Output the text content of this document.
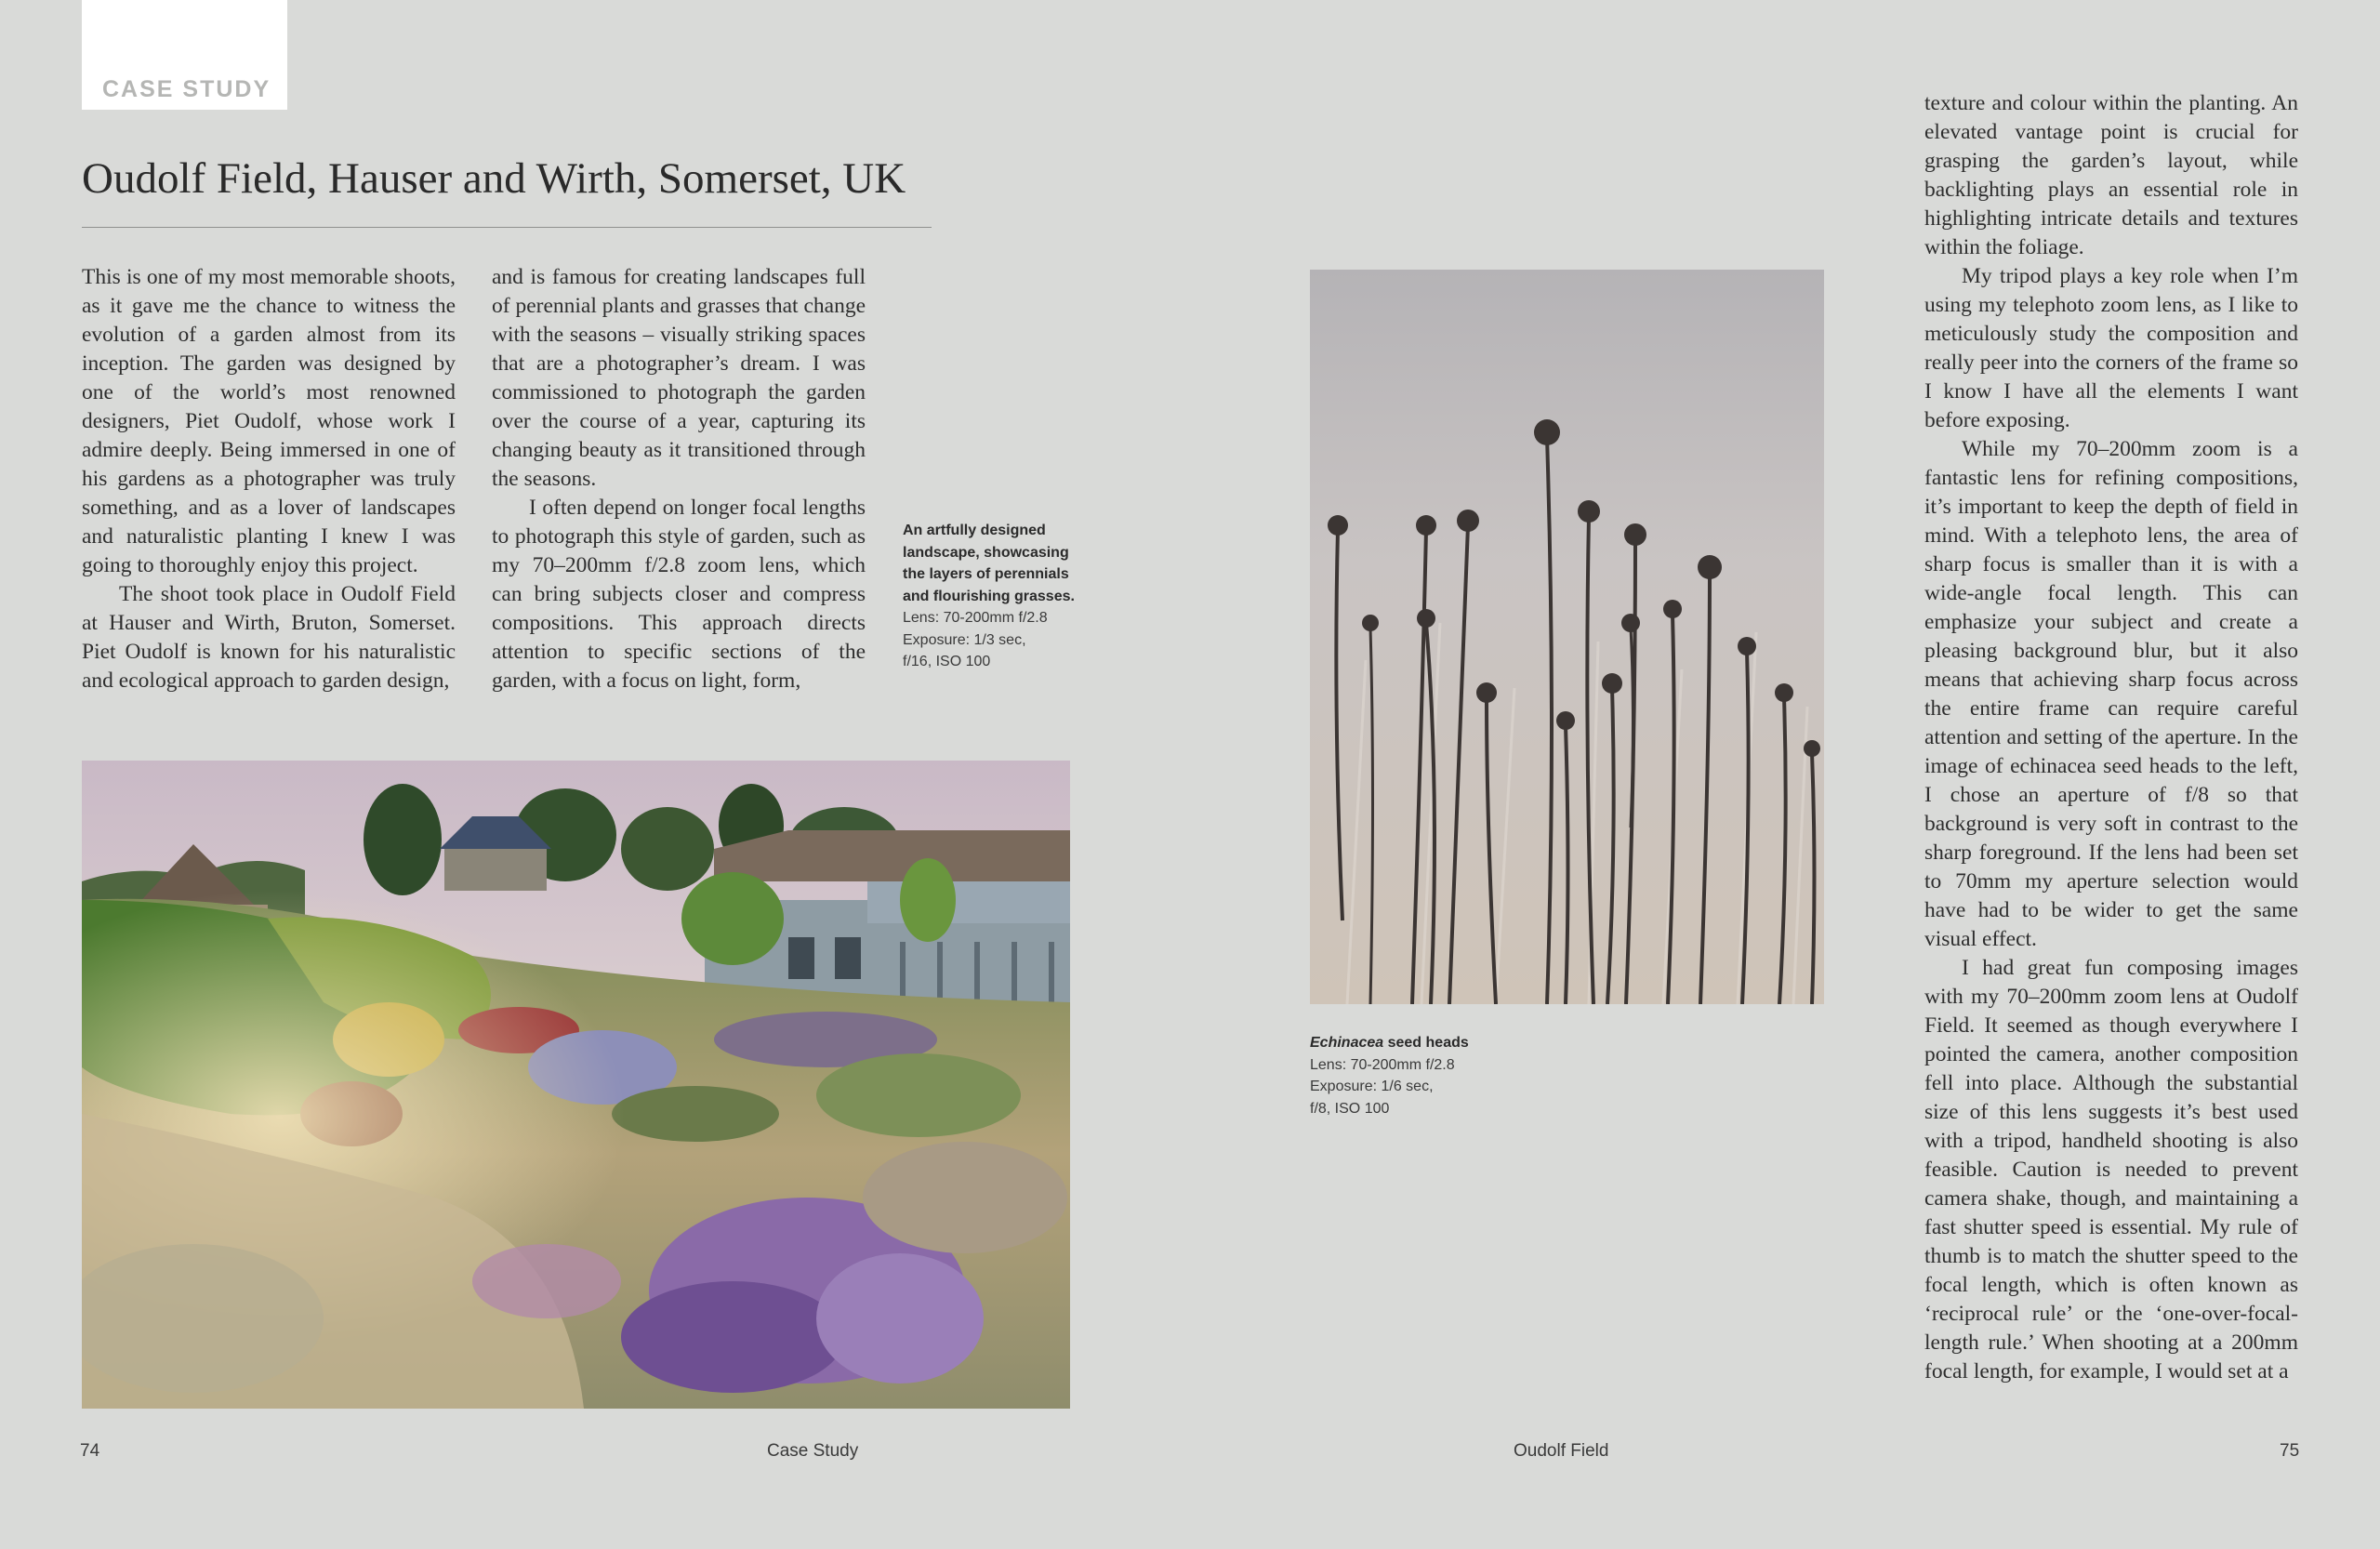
CASE STUDY
Oudolf Field, Hauser and Wirth, Somerset, UK

This is one of my most memorable shoots, as it gave me the chance to witness the evolution of a garden almost from its inception. The garden was designed by one of the world’s most renowned designers, Piet Oudolf, whose work I admire deeply. Being immersed in one of his gardens as a photographer was truly something, and as a lover of landscapes and naturalistic planting I knew I was going to thoroughly enjoy this project.

The shoot took place in Oudolf Field at Hauser and Wirth, Bruton, Somerset. Piet Oudolf is known for his naturalistic and ecological approach to garden design,

and is famous for creating landscapes full of perennial plants and grasses that change with the seasons – visually striking spaces that are a photographer’s dream. I was commissioned to photograph the garden over the course of a year, capturing its changing beauty as it transitioned through the seasons.

I often depend on longer focal lengths to photograph this style of garden, such as my 70–200mm f/2.8 zoom lens, which can bring subjects closer and compress compositions. This approach directs attention to specific sections of the garden, with a focus on light, form,

An artfully designed landscape, showcasing the layers of perennials and flourishing grasses.
Lens: 70-200mm f/2.8
Exposure: 1/3 sec,
f/16, ISO 100
Echinacea seed heads
Lens: 70-200mm f/2.8
Exposure: 1/6 sec,
f/8, ISO 100

texture and colour within the planting. An elevated vantage point is crucial for grasping the garden’s layout, while backlighting plays an essential role in highlighting intricate details and textures within the foliage.

My tripod plays a key role when I’m using my telephoto zoom lens, as I like to meticulously study the composition and really peer into the corners of the frame so I know I have all the elements I want before exposing.

While my 70–200mm zoom is a fantastic lens for refining compositions, it’s important to keep the depth of field in mind. With a telephoto lens, the area of sharp focus is smaller than it is with a wide-angle focal length. This can emphasize your subject and create a pleasing background blur, but it also means that achieving sharp focus across the entire frame can require careful attention and setting of the aperture. In the image of echinacea seed heads to the left, I chose an aperture of f/8 so that background is very soft in contrast to the sharp foreground. If the lens had been set to 70mm my aperture selection would have had to be wider to get the same visual effect.

I had great fun composing images with my 70–200mm zoom lens at Oudolf Field. It seemed as though everywhere I pointed the camera, another composition fell into place. Although the substantial size of this lens suggests it’s best used with a tripod, handheld shooting is also feasible. Caution is needed to prevent camera shake, though, and maintaining a fast shutter speed is essential. My rule of thumb is to match the shutter speed to the focal length, which is often known as ‘reciprocal rule’ or the ‘one-over-focal-length rule.’ When shooting at a 200mm focal length, for example, I would set at a

74	Case Study	Oudolf Field	75
